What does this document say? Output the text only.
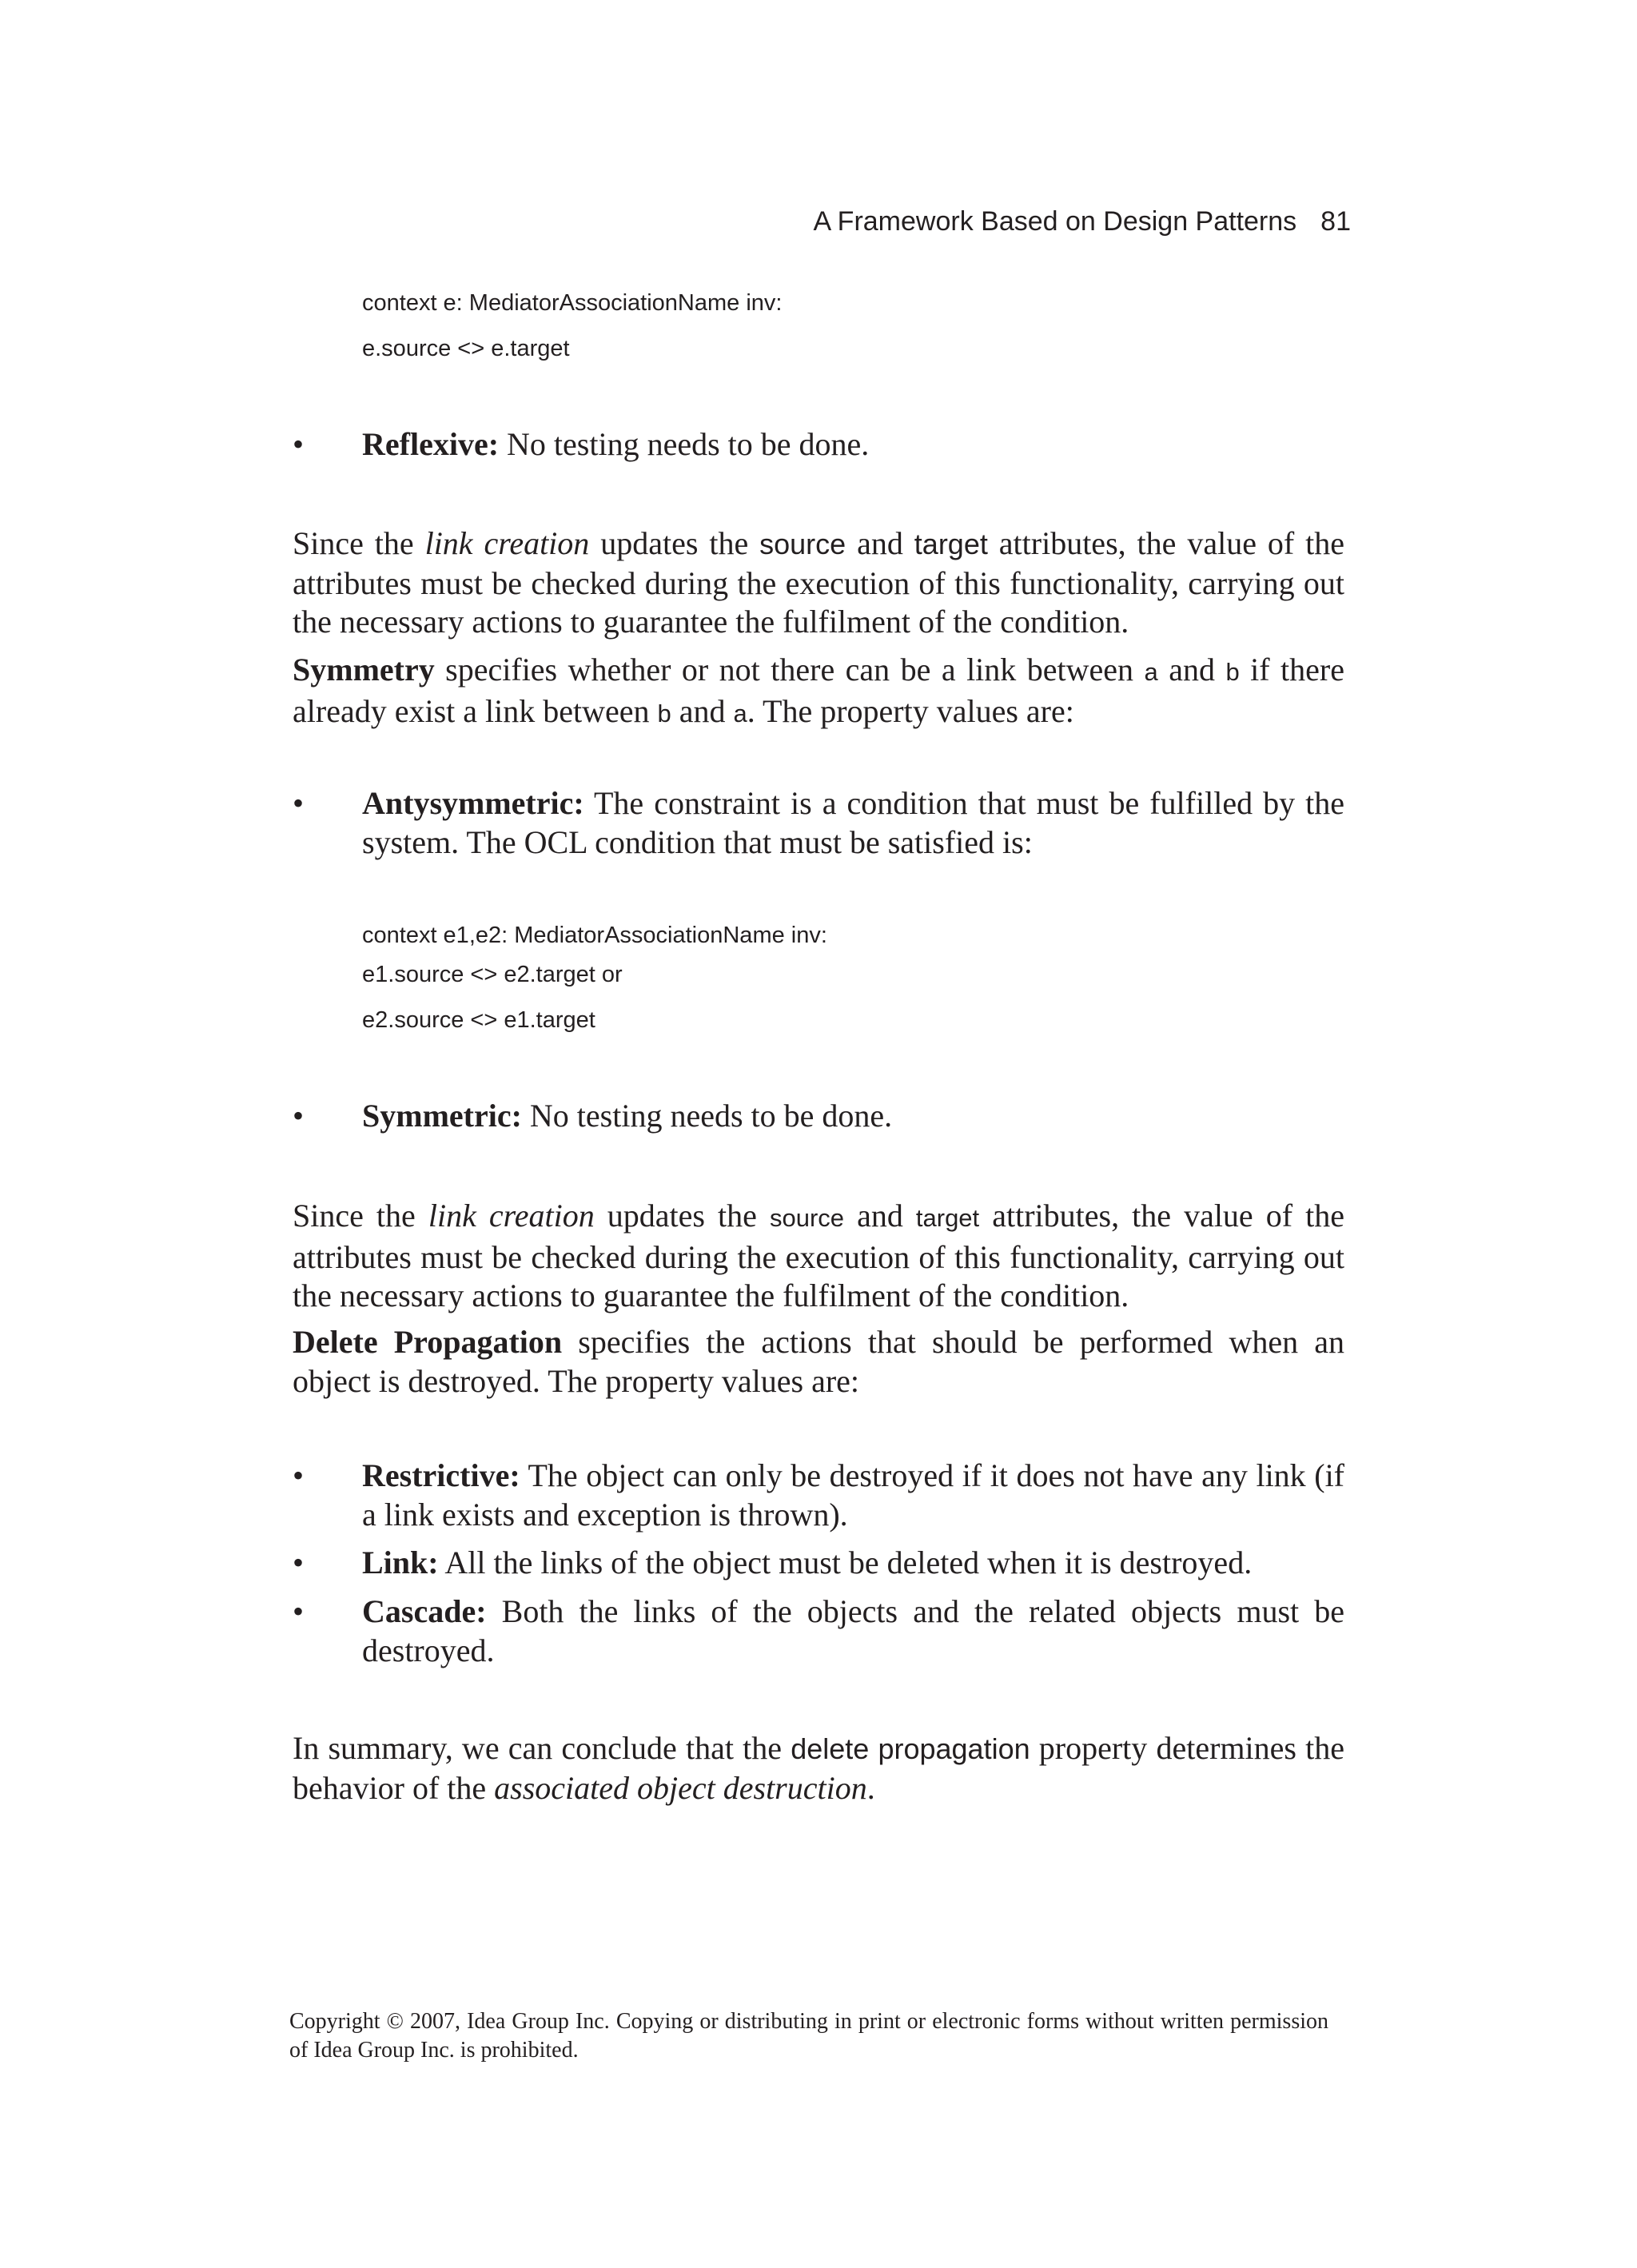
A Framework Based on Design Patterns 81
context e: MediatorAssociationName inv:
e.source <> e.target
• Reflexive: No testing needs to be done.
Since the link creation updates the source and target attributes, the value of the attributes must be checked during the execution of this functionality, carrying out the necessary actions to guarantee the fulfilment of the condition.
Symmetry specifies whether or not there can be a link between a and b if there already exist a link between b and a. The property values are:
• Antysymmetric: The constraint is a condition that must be fulfilled by the system. The OCL condition that must be satisfied is:
context e1,e2: MediatorAssociationName inv:
e1.source <> e2.target or
e2.source <> e1.target
• Symmetric: No testing needs to be done.
Since the link creation updates the source and target attributes, the value of the attributes must be checked during the execution of this functionality, carrying out the necessary actions to guarantee the fulfilment of the condition.
Delete Propagation specifies the actions that should be performed when an object is destroyed. The property values are:
• Restrictive: The object can only be destroyed if it does not have any link (if a link exists and exception is thrown).
• Link: All the links of the object must be deleted when it is destroyed.
• Cascade: Both the links of the objects and the related objects must be destroyed.
In summary, we can conclude that the delete propagation property determines the behavior of the associated object destruction.
Copyright © 2007, Idea Group Inc. Copying or distributing in print or electronic forms without written permission of Idea Group Inc. is prohibited.
